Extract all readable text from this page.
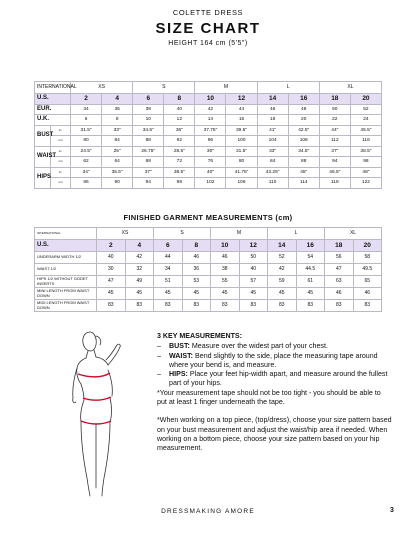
COLETTE DRESS
SIZE CHART
HEIGHT 164 cm (5'5")
INTERNATIONAL		XS		S		M		L		XL	
U.S.		2	4	6	8	10	12	14	16	18	20
EUR.		34	36	38	40	42	44	46	48	50	52
U.K.		6	8	10	12	14	16	18	20	22	24
BUST	in.	31.5"	33"	34.5"	36"	37.75"	39.5"	41"	42.5"	44"	45.5"
	cm	80	84	88	92	96	100	104	108	112	116
WAIST	in.	24.5"	25"	26.75"	28.5"	30"	31.5"	33"	34.5"	37"	38.5"
	cm	62	64	68	72	76	80	84	88	94	98
HIPS	in.	34"	35.5"	37"	38.5"	40"	41.75"	43.25"	45"	46.5"	48"
	cm	86	90	94	98	102	106	110	114	118	122
FINISHED GARMENT MEASUREMENTS (cm)
INTERNATIONAL	XS		S		M		L		XL	
U.S.	2	4	6	8	10	12	14	16	18	20
UNDERARM WIDTH 1/2	40	42	44	46	46	50	52	54	56	58
WAIST 1/2	30	32	34	36	38	40	42	44.5	47	49.5
HIPS 1/2 WITHOUT GODET INSERTS	47	49	51	53	55	57	59	61	63	65
MINI LENGTH FROM WAIST DOWN	45	45	45	45	45	45	45	45	46	46
MIDI LENGTH FROM WAIST DOWN	83	83	83	83	83	83	83	83	83	83
3 KEY MEASUREMENTS:
– BUST: Measure over the widest part of your chest.
– WAIST: Bend slightly to the side, place the measuring tape around where your bend is, and measure.
– HIPS: Place your feet hip-width apart, and measure around the fullest part of your hips.
*Your measurement tape should not be too tight - you should be able to put at least 1 finger underneath the tape.
*When working on a top piece, (top/dress), choose your size pattern based on your bust measurement and adjust the waist/hip area if needed. When working on a bottom piece, choose your size pattern based on your hip measurement.
DRESSMAKING AMORE	3
